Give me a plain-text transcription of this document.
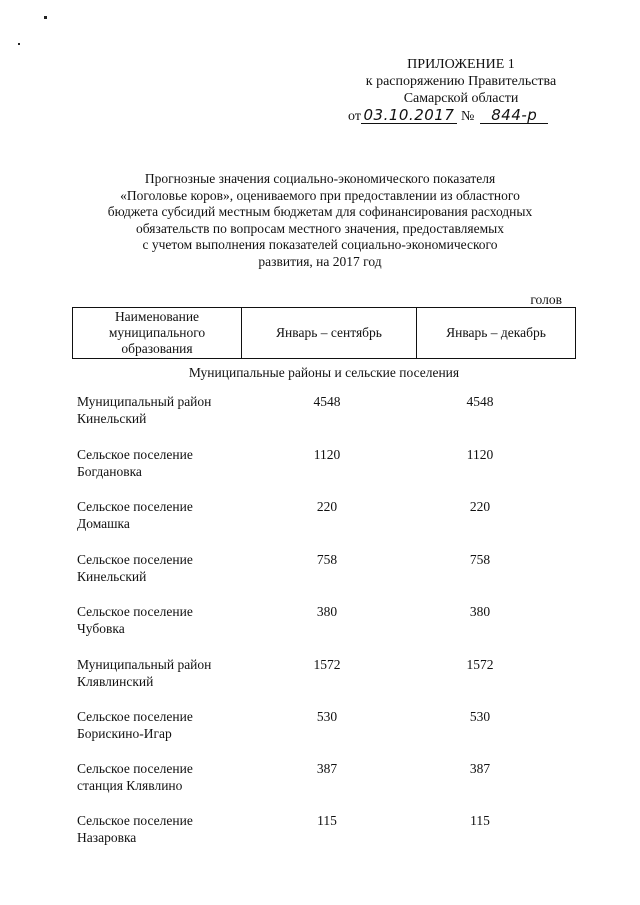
ПРИЛОЖЕНИЕ 1
к распоряжению Правительства
Самарской области
от 03.10.2017 №	844-р
Прогнозные значения социально-экономического показателя
«Поголовье коров», оцениваемого при предоставлении из областного
бюджета субсидий местным бюджетам для софинансирования расходных
обязательств по вопросам местного значения, предоставляемых
с учетом выполнения показателей социально-экономического
развития, на 2017 год
голов
Наименование муниципального образования	Январь – сентябрь	Январь – декабрь
Муниципальные районы и сельские поселения
Муниципальный район
Кинельский
4548	4548
Сельское поселение
Богдановка
1120	1120
Сельское поселение
Домашка
220	220
Сельское поселение
Кинельский
758	758
Сельское поселение
Чубовка
380	380
Муниципальный район
Клявлинский
1572	1572
Сельское поселение
Борискино-Игар
530	530
Сельское поселение
станция Клявлино
387	387
Сельское поселение
Назаровка
115	115
